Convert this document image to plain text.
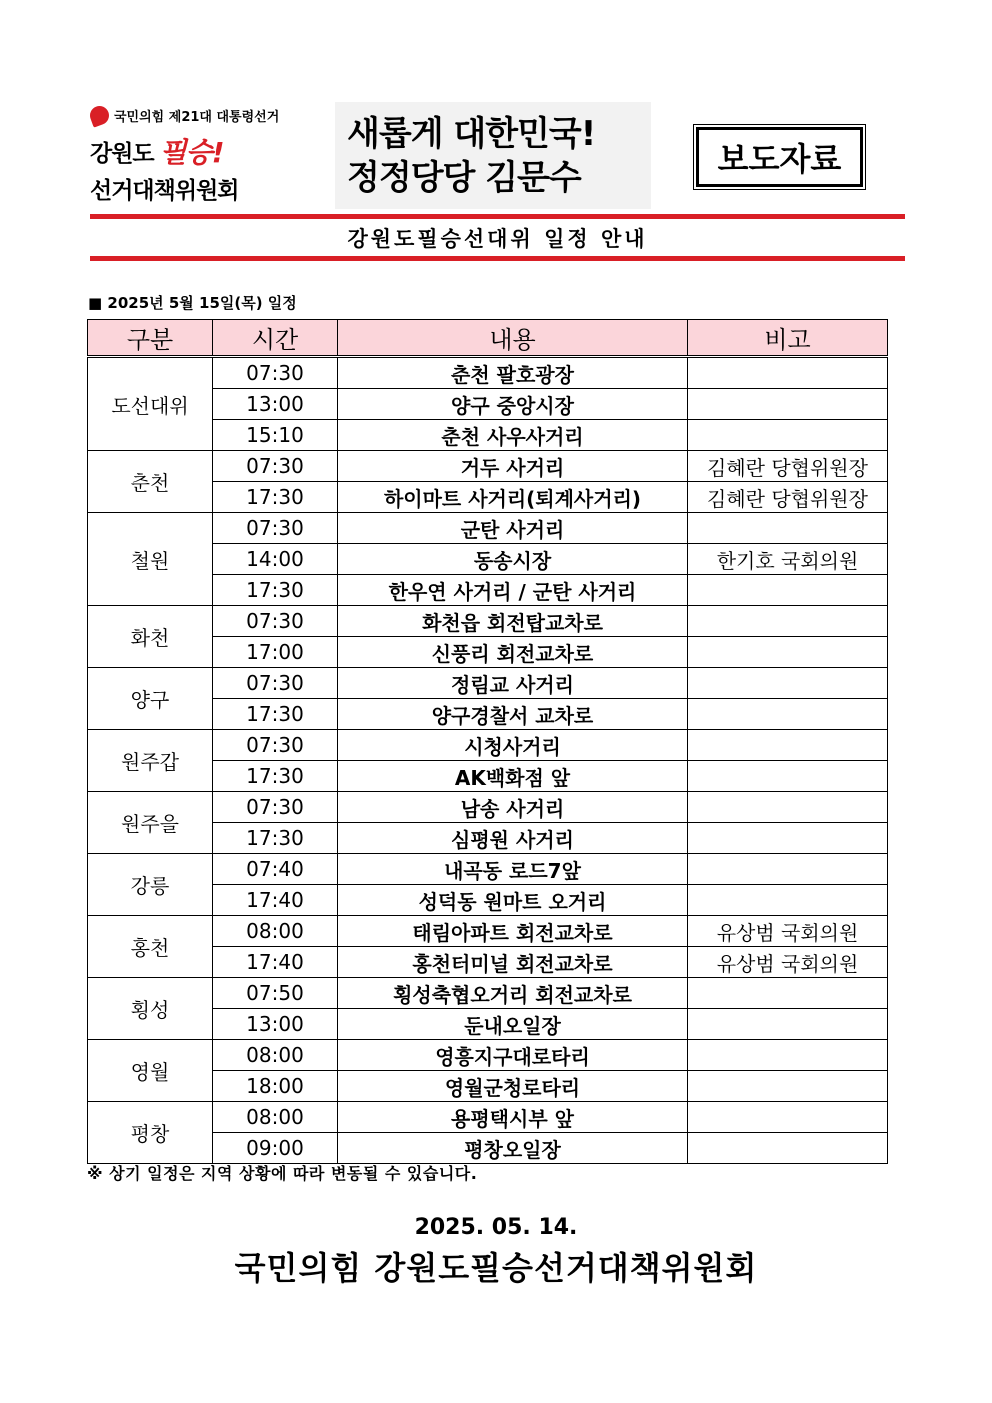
국민의힘 제21대 대통령선거
강원도 필승!
선거대책위원회
새롭게 대한민국!
정정당당 김문수	보도자료
강원도필승선대위 일정 안내
■ 2025년 5월 15일(목) 일정
구분	시간	내용	비고
도선대위	07:30	춘천 팔호광장	
	13:00	양구 중앙시장	
	15:10	춘천 사우사거리	
춘천	07:30	거두 사거리	김혜란 당협위원장
	17:30	하이마트 사거리(퇴계사거리)	김혜란 당협위원장
철원	07:30	군탄 사거리	
	14:00	동송시장	한기호 국회의원
	17:30	한우연 사거리 / 군탄 사거리	
화천	07:30	화천읍 회전탑교차로	
	17:00	신풍리 회전교차로	
양구	07:30	정림교 사거리	
	17:30	양구경찰서 교차로	
원주갑	07:30	시청사거리	
	17:30	AK백화점 앞	
원주을	07:30	남송 사거리	
	17:30	심평원 사거리	
강릉	07:40	내곡동 로드7앞	
	17:40	성덕동 원마트 오거리	
홍천	08:00	태림아파트 회전교차로	유상범 국회의원
	17:40	홍천터미널 회전교차로	유상범 국회의원
횡성	07:50	횡성축협오거리 회전교차로	
	13:00	둔내오일장	
영월	08:00	영흥지구대로타리	
	18:00	영월군청로타리	
평창	08:00	용평택시부 앞	
	09:00	평창오일장	
※ 상기 일정은 지역 상황에 따라 변동될 수 있습니다.
2025. 05. 14.
국민의힘 강원도필승선거대책위원회
